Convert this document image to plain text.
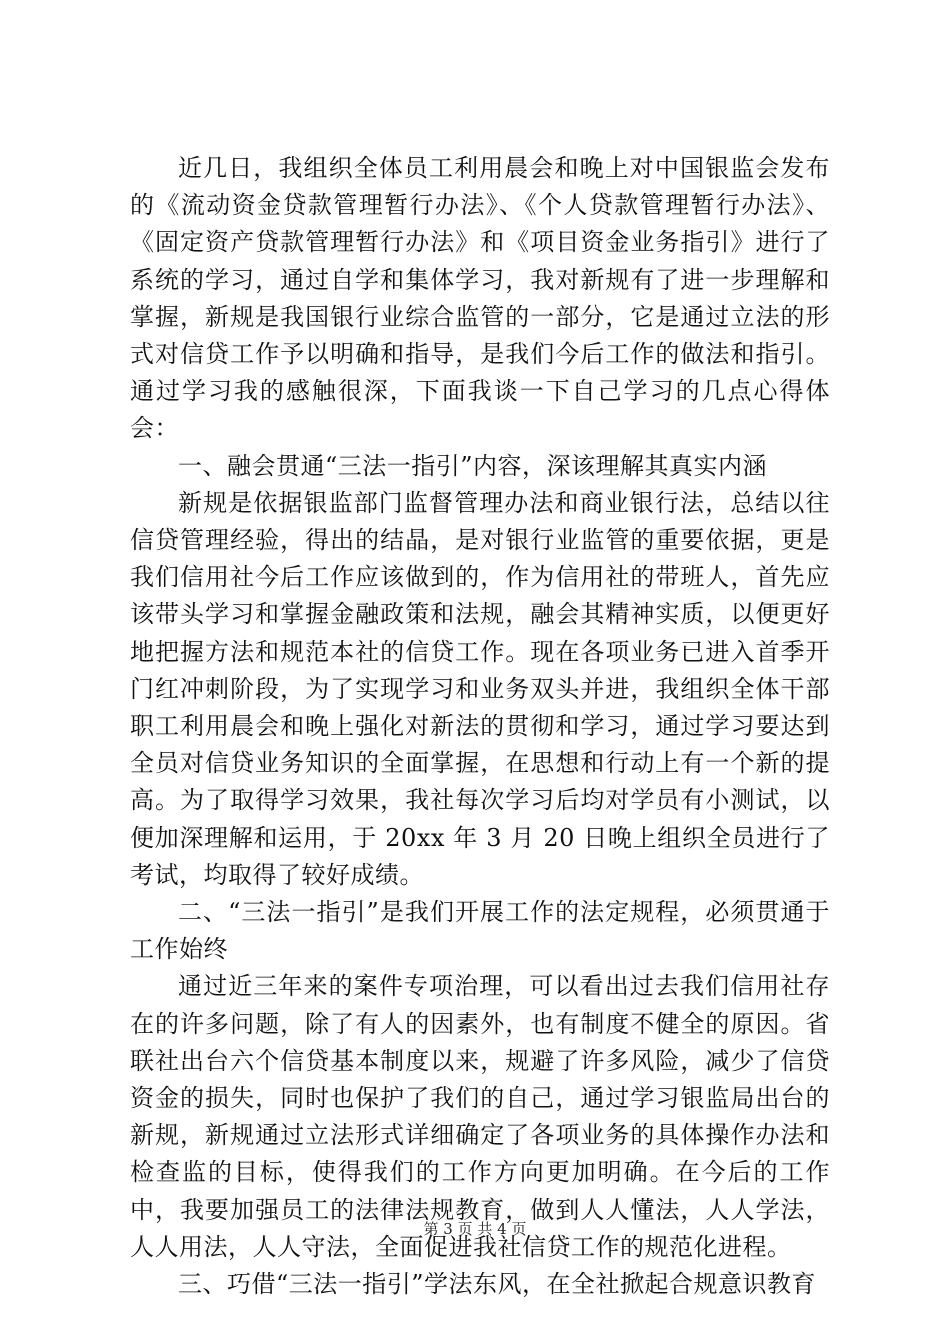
近几日，我组织全体员工利用晨会和晚上对中国银监会发布的《流动资金贷款管理暂行办法》、《个人贷款管理暂行办法》、《固定资产贷款管理暂行办法》和《项目资金业务指引》进行了系统的学习，通过自学和集体学习，我对新规有了进一步理解和掌握，新规是我国银行业综合监管的一部分，它是通过立法的形式对信贷工作予以明确和指导，是我们今后工作的做法和指引。通过学习我的感触很深，下面我谈一下自己学习的几点心得体会：

一、融会贯通“三法一指引”内容，深该理解其真实内涵

新规是依据银监部门监督管理办法和商业银行法，总结以往信贷管理经验，得出的结晶，是对银行业监管的重要依据，更是我们信用社今后工作应该做到的，作为信用社的带班人，首先应该带头学习和掌握金融政策和法规，融会其精神实质，以便更好地把握方法和规范本社的信贷工作。现在各项业务已进入首季开门红冲刺阶段，为了实现学习和业务双头并进，我组织全体干部职工利用晨会和晚上强化对新法的贯彻和学习，通过学习要达到全员对信贷业务知识的全面掌握，在思想和行动上有一个新的提高。为了取得学习效果，我社每次学习后均对学员有小测试，以便加深理解和运用，于 20xx 年 3 月 20 日晚上组织全员进行了考试，均取得了较好成绩。

二、“三法一指引”是我们开展工作的法定规程，必须贯通于工作始终

通过近三年来的案件专项治理，可以看出过去我们信用社存在的许多问题，除了有人的因素外，也有制度不健全的原因。省联社出台六个信贷基本制度以来，规避了许多风险，减少了信贷资金的损失，同时也保护了我们的自己，通过学习银监局出台的新规，新规通过立法形式详细确定了各项业务的具体操作办法和检查监的目标，使得我们的工作方向更加明确。在今后的工作中，我要加强员工的法律法规教育，做到人人懂法，人人学法，人人用法，人人守法，全面促进我社信贷工作的规范化进程。

三、巧借“三法一指引”学法东风，在全社掀起合规意识教育

第 3 页 共 4 页
